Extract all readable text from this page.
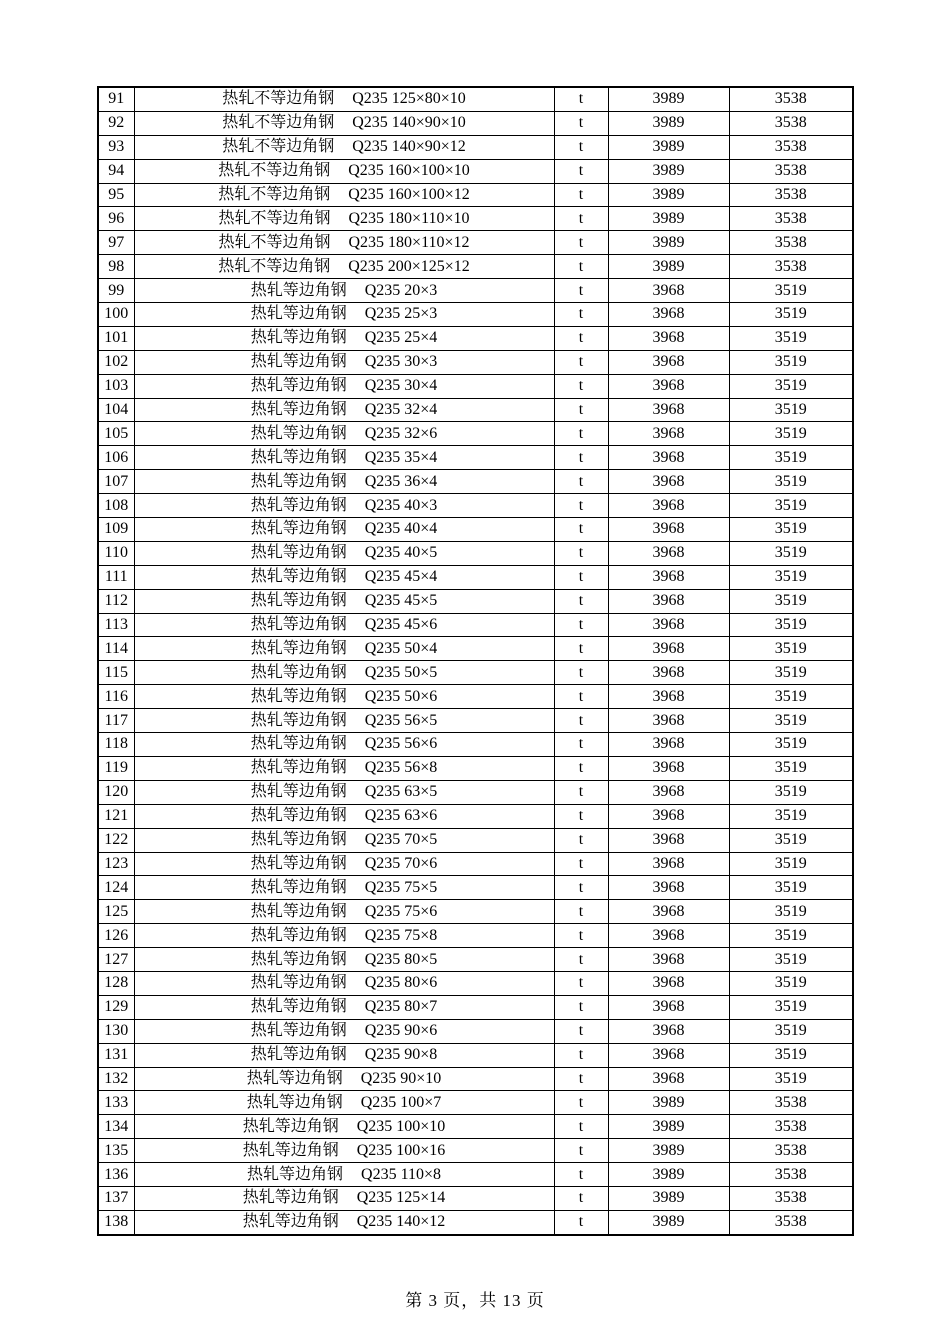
91	热轧不等边角钢 Q235 125×80×10	t	3989	3538
92	热轧不等边角钢 Q235 140×90×10	t	3989	3538
93	热轧不等边角钢 Q235 140×90×12	t	3989	3538
94	热轧不等边角钢 Q235 160×100×10	t	3989	3538
95	热轧不等边角钢 Q235 160×100×12	t	3989	3538
96	热轧不等边角钢 Q235 180×110×10	t	3989	3538
97	热轧不等边角钢 Q235 180×110×12	t	3989	3538
98	热轧不等边角钢 Q235 200×125×12	t	3989	3538
99	热轧等边角钢 Q235 20×3	t	3968	3519
100	热轧等边角钢 Q235 25×3	t	3968	3519
101	热轧等边角钢 Q235 25×4	t	3968	3519
102	热轧等边角钢 Q235 30×3	t	3968	3519
103	热轧等边角钢 Q235 30×4	t	3968	3519
104	热轧等边角钢 Q235 32×4	t	3968	3519
105	热轧等边角钢 Q235 32×6	t	3968	3519
106	热轧等边角钢 Q235 35×4	t	3968	3519
107	热轧等边角钢 Q235 36×4	t	3968	3519
108	热轧等边角钢 Q235 40×3	t	3968	3519
109	热轧等边角钢 Q235 40×4	t	3968	3519
110	热轧等边角钢 Q235 40×5	t	3968	3519
111	热轧等边角钢 Q235 45×4	t	3968	3519
112	热轧等边角钢 Q235 45×5	t	3968	3519
113	热轧等边角钢 Q235 45×6	t	3968	3519
114	热轧等边角钢 Q235 50×4	t	3968	3519
115	热轧等边角钢 Q235 50×5	t	3968	3519
116	热轧等边角钢 Q235 50×6	t	3968	3519
117	热轧等边角钢 Q235 56×5	t	3968	3519
118	热轧等边角钢 Q235 56×6	t	3968	3519
119	热轧等边角钢 Q235 56×8	t	3968	3519
120	热轧等边角钢 Q235 63×5	t	3968	3519
121	热轧等边角钢 Q235 63×6	t	3968	3519
122	热轧等边角钢 Q235 70×5	t	3968	3519
123	热轧等边角钢 Q235 70×6	t	3968	3519
124	热轧等边角钢 Q235 75×5	t	3968	3519
125	热轧等边角钢 Q235 75×6	t	3968	3519
126	热轧等边角钢 Q235 75×8	t	3968	3519
127	热轧等边角钢 Q235 80×5	t	3968	3519
128	热轧等边角钢 Q235 80×6	t	3968	3519
129	热轧等边角钢 Q235 80×7	t	3968	3519
130	热轧等边角钢 Q235 90×6	t	3968	3519
131	热轧等边角钢 Q235 90×8	t	3968	3519
132	热轧等边角钢 Q235 90×10	t	3968	3519
133	热轧等边角钢 Q235 100×7	t	3989	3538
134	热轧等边角钢 Q235 100×10	t	3989	3538
135	热轧等边角钢 Q235 100×16	t	3989	3538
136	热轧等边角钢 Q235 110×8	t	3989	3538
137	热轧等边角钢 Q235 125×14	t	3989	3538
138	热轧等边角钢 Q235 140×12	t	3989	3538
第 3 页，共 13 页
